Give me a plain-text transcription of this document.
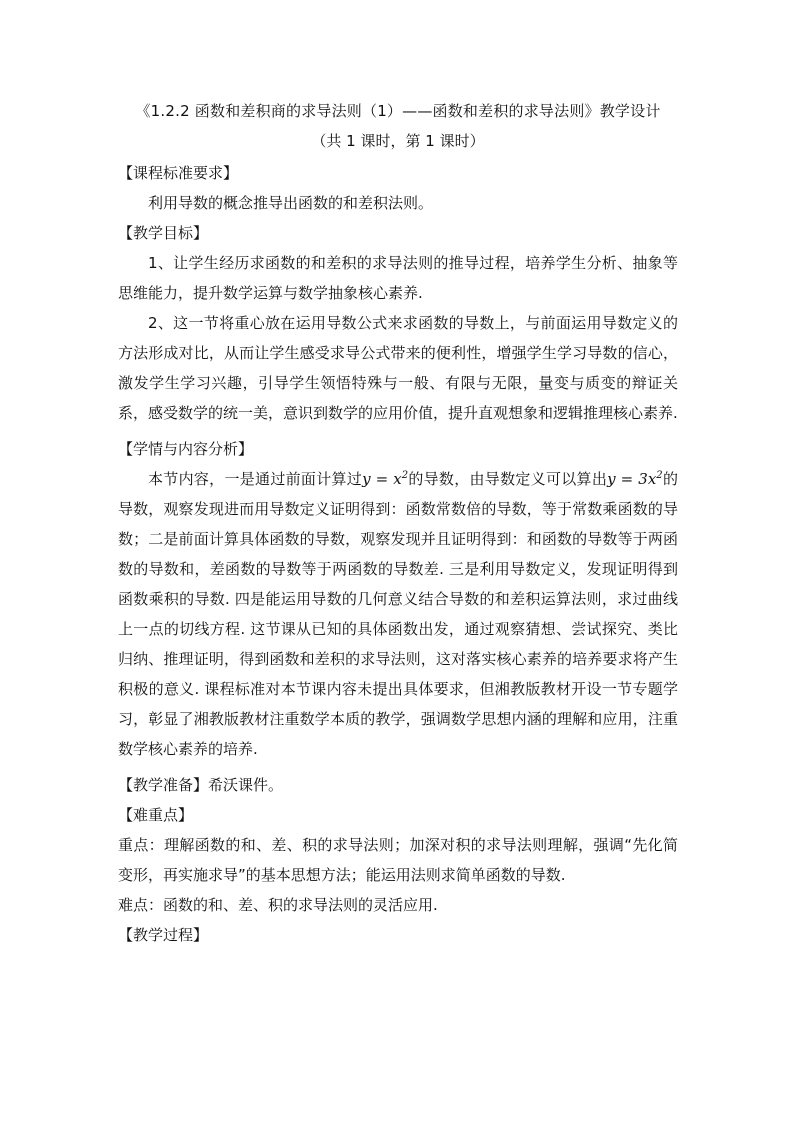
《1.2.2 函数和差积商的求导法则（1）——函数和差积的求导法则》教学设计
（共 1 课时，第 1 课时）
【课程标准要求】

利用导数的概念推导出函数的和差积法则。

【教学目标】

1、让学生经历求函数的和差积的求导法则的推导过程，培养学生分析、抽象等思维能力，提升数学运算与数学抽象核心素养.

2、这一节将重心放在运用导数公式来求函数的导数上，与前面运用导数定义的方法形成对比，从而让学生感受求导公式带来的便利性，增强学生学习导数的信心，激发学生学习兴趣，引导学生领悟特殊与一般、有限与无限，量变与质变的辩证关系，感受数学的统一美，意识到数学的应用价值，提升直观想象和逻辑推理核心素养.

【学情与内容分析】

本节内容，一是通过前面计算过$y = x^2$的导数，由导数定义可以算出$y = 3x^2$的导数，观察发现进而用导数定义证明得到：函数常数倍的导数，等于常数乘函数的导数；二是前面计算具体函数的导数，观察发现并且证明得到：和函数的导数等于两函数的导数和，差函数的导数等于两函数的导数差. 三是利用导数定义，发现证明得到函数乘积的导数. 四是能运用导数的几何意义结合导数的和差积运算法则，求过曲线上一点的切线方程. 这节课从已知的具体函数出发，通过观察猜想、尝试探究、类比归纳、推理证明，得到函数和差积的求导法则，这对落实核心素养的培养要求将产生积极的意义. 课程标准对本节课内容未提出具体要求，但湘教版教材开设一节专题学习，彰显了湘教版教材注重数学本质的教学，强调数学思想内涵的理解和应用，注重数学核心素养的培养.

【教学准备】希沃课件。
【难重点】

重点：理解函数的和、差、积的求导法则；加深对积的求导法则理解，强调“先化简变形，再实施求导”的基本思想方法；能运用法则求简单函数的导数.

难点：函数的和、差、积的求导法则的灵活应用.

【教学过程】
